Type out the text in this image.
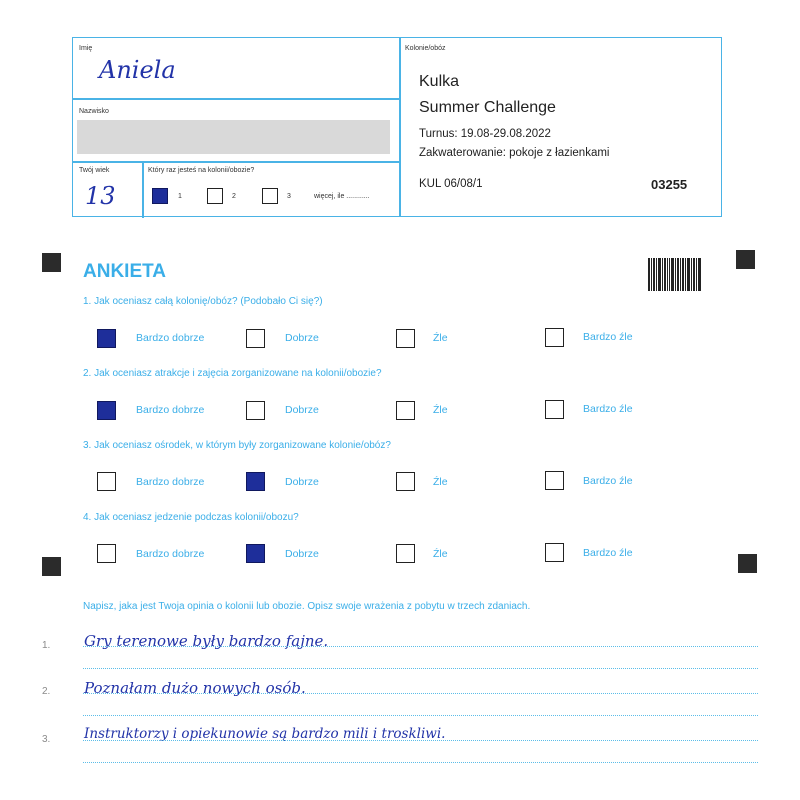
Imię
Aniela
Nazwisko
Twój wiek
13
Który raz jesteś na kolonii/obozie?
1	2	3	więcej, ile ............
Kolonie/obóz
Kulka
Summer Challenge
Turnus: 19.08-29.08.2022
Zakwaterowanie: pokoje z łazienkami
KUL 06/08/1	03255
ANKIETA
1. Jak oceniasz całą kolonię/obóz? (Podobało Ci się?)
Bardzo dobrze	Dobrze	Źle	Bardzo źle
2. Jak oceniasz atrakcje i zajęcia zorganizowane na kolonii/obozie?
Bardzo dobrze	Dobrze	Źle	Bardzo źle
3. Jak oceniasz ośrodek, w którym były zorganizowane kolonie/obóz?
Bardzo dobrze	Dobrze	Źle	Bardzo źle
4. Jak oceniasz jedzenie podczas kolonii/obozu?
Bardzo dobrze	Dobrze	Źle	Bardzo źle
Napisz, jaka jest Twoja opinia o kolonii lub obozie. Opisz swoje wrażenia z pobytu w trzech zdaniach.
1. Gry terenowe były bardzo fajne.
2. Poznałam dużo nowych osób.
3. Instruktorzy i opiekunowie są bardzo mili i troskliwi.
